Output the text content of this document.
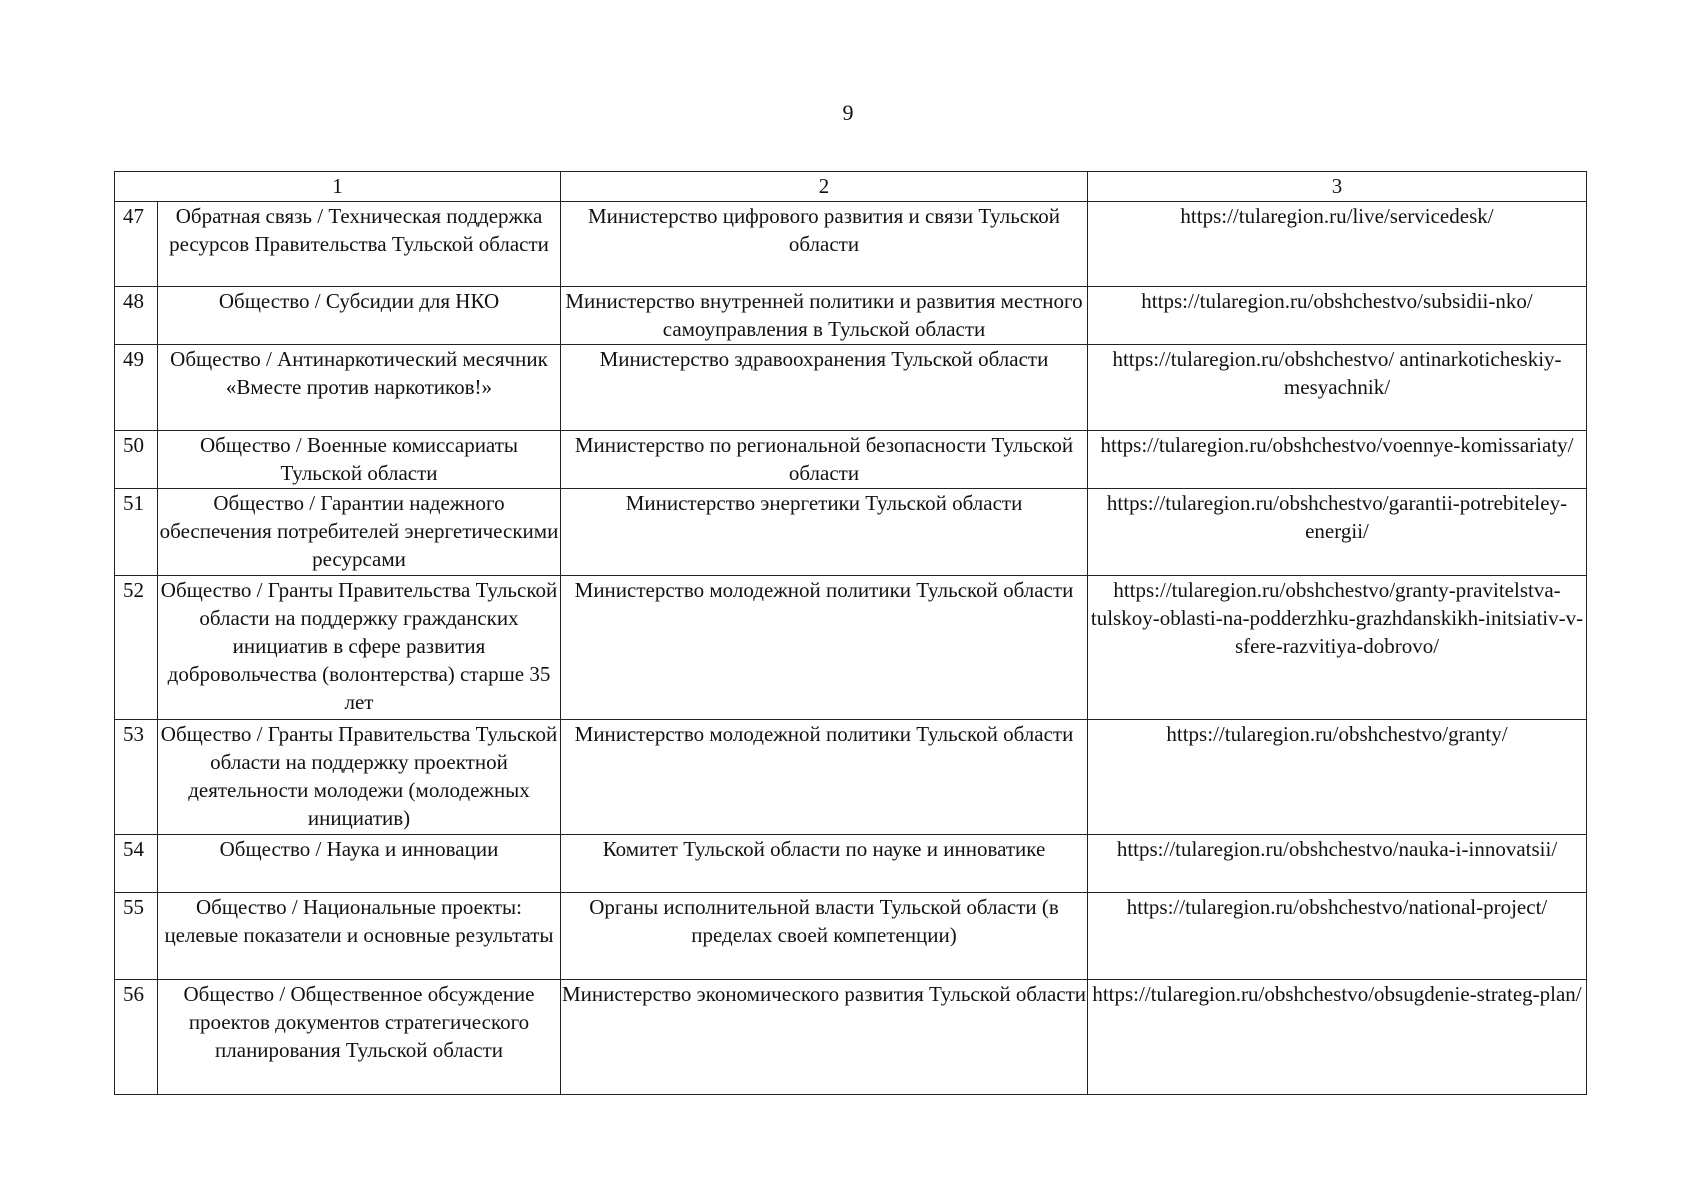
9
1		2	3
47	Обратная связь / Техническая поддержка ресурсов Правительства Тульской области	Министерство цифрового развития и связи Тульской области	https://tularegion.ru/live/servicedesk/
48	Общество / Субсидии для НКО	Министерство внутренней политики и развития местного самоуправления в Тульской области	https://tularegion.ru/obshchestvo/subsidii-nko/
49	Общество / Антинаркотический месячник «Вместе против наркотиков!»	Министерство здравоохранения Тульской области	https://tularegion.ru/obshchestvo/ antinarkoticheskiy-mesyachnik/
50	Общество / Военные комиссариаты Тульской области	Министерство по региональной безопасности Тульской области	https://tularegion.ru/obshchestvo/voennye-komissariaty/
51	Общество / Гарантии надежного обеспечения потребителей энергетическими ресурсами	Министерство энергетики Тульской области	https://tularegion.ru/obshchestvo/garantii-potrebiteley-energii/
52	Общество / Гранты Правительства Тульской области на поддержку гражданских инициатив в сфере развития добровольчества (волонтерства) старше 35 лет	Министерство молодежной политики Тульской области	https://tularegion.ru/obshchestvo/granty-pravitelstva-tulskoy-oblasti-na-podderzhku-grazhdanskikh-initsiativ-v-sfere-razvitiya-dobrovo/
53	Общество / Гранты Правительства Тульской области на поддержку проектной деятельности молодежи (молодежных инициатив)	Министерство молодежной политики Тульской области	https://tularegion.ru/obshchestvo/granty/
54	Общество / Наука и инновации	Комитет Тульской области по науке и инноватике	https://tularegion.ru/obshchestvo/nauka-i-innovatsii/
55	Общество / Национальные проекты: целевые показатели и основные результаты	Органы исполнительной власти Тульской области (в пределах своей компетенции)	https://tularegion.ru/obshchestvo/national-project/
56	Общество / Общественное обсуждение проектов документов стратегического планирования Тульской области	Министерство экономического развития Тульской области	https://tularegion.ru/obshchestvo/obsugdenie-strateg-plan/
